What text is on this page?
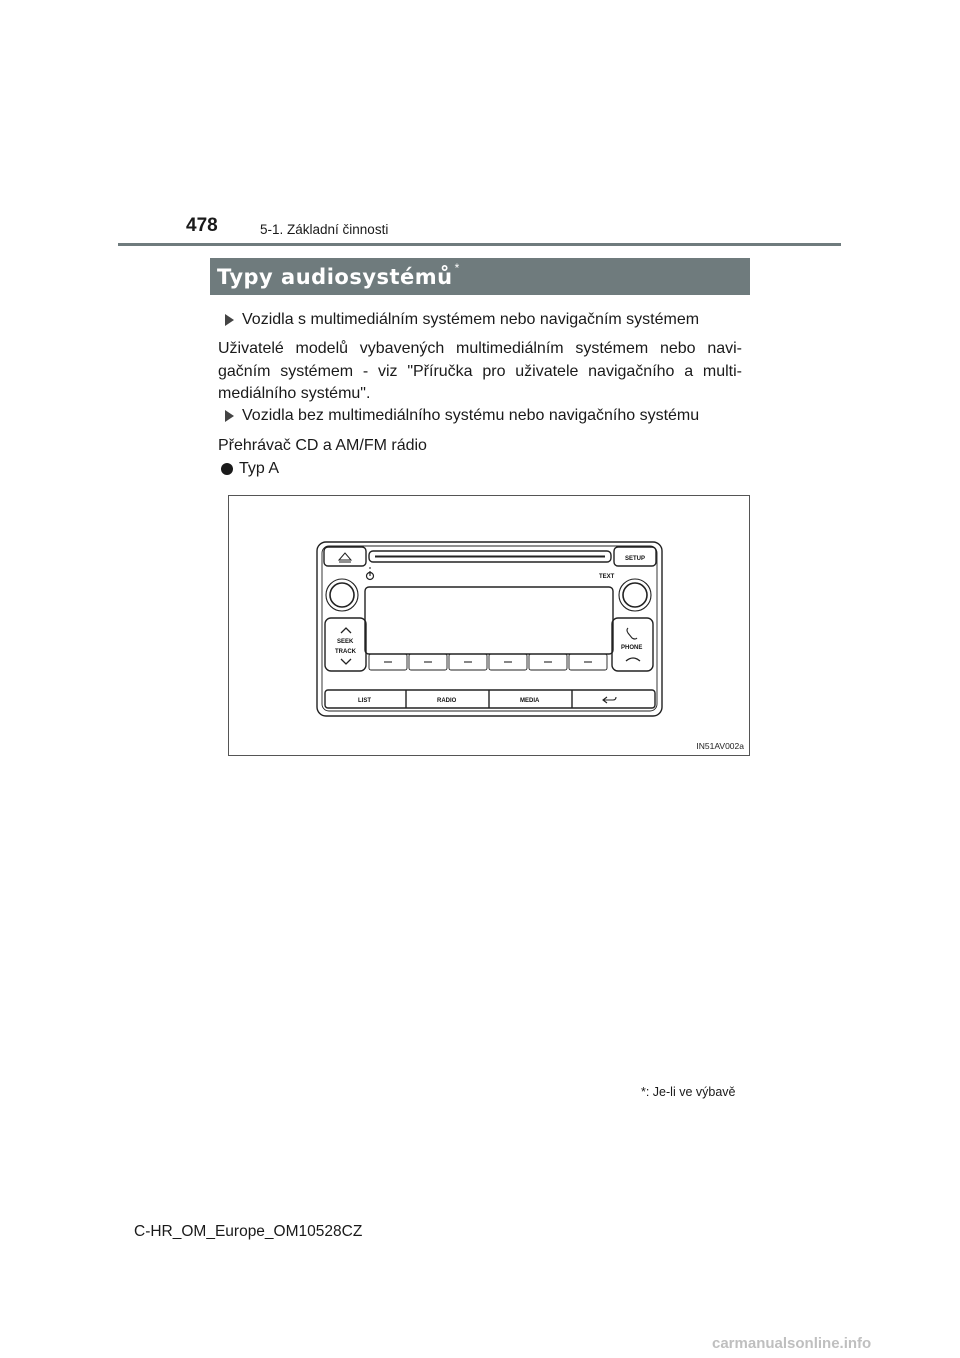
478	5-1. Základní činnosti
Typy audiosystémů *
Vozidla s multimediálním systémem nebo navigačním systémem
Uživatelé modelů vybavených multimediálním systémem nebo navi-gačním systémem - viz "Příručka pro uživatele navigačního a multi-mediálního systému".
Vozidla bez multimediálního systému nebo navigačního systému
Přehrávač CD a AM/FM rádio
Typ A
SETUP
TEXT
SEEK
TRACK
PHONE
LIST	RADIO	MEDIA
IN51AV002a
*: Je-li ve výbavě
C-HR_OM_Europe_OM10528CZ
carmanualsonline.info
